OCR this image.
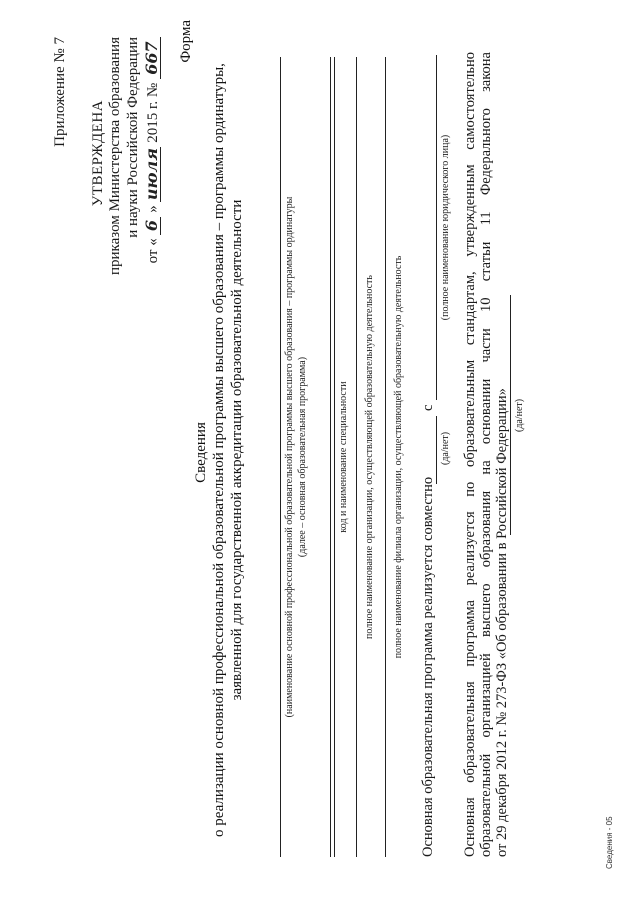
Приложение № 7
УТВЕРЖДЕНА приказом Министерства образования и науки Российской Федерации
от « 6 » июля 2015 г. № 667 Форма
Сведения о реализации основной профессиональной образовательной программы высшего образования – программы ординатуры, заявленной для государственной аккредитации образовательной деятельности	(наименование основной профессиональной образовательной программы высшего образования – программы ординатуры (далее – основная образовательная программа)	код и наименование специальности полное наименование организации, осуществляющей образовательную деятельность полное наименование филиала организации, осуществляющей образовательную деятельность
Основная образовательная программа реализуется совместно
(да/нет)
с
(полное наименование юридического лица) Основная образовательная программа реализуется по образовательным стандартам, утвержденным самостоятельно образовательной организацией высшего образования на основании части 10 статьи 11 Федерального закона от 29 декабря 2012 г. № 273-ФЗ «Об образовании в Российской Федерации» (да/нет)
Сведения - 05
